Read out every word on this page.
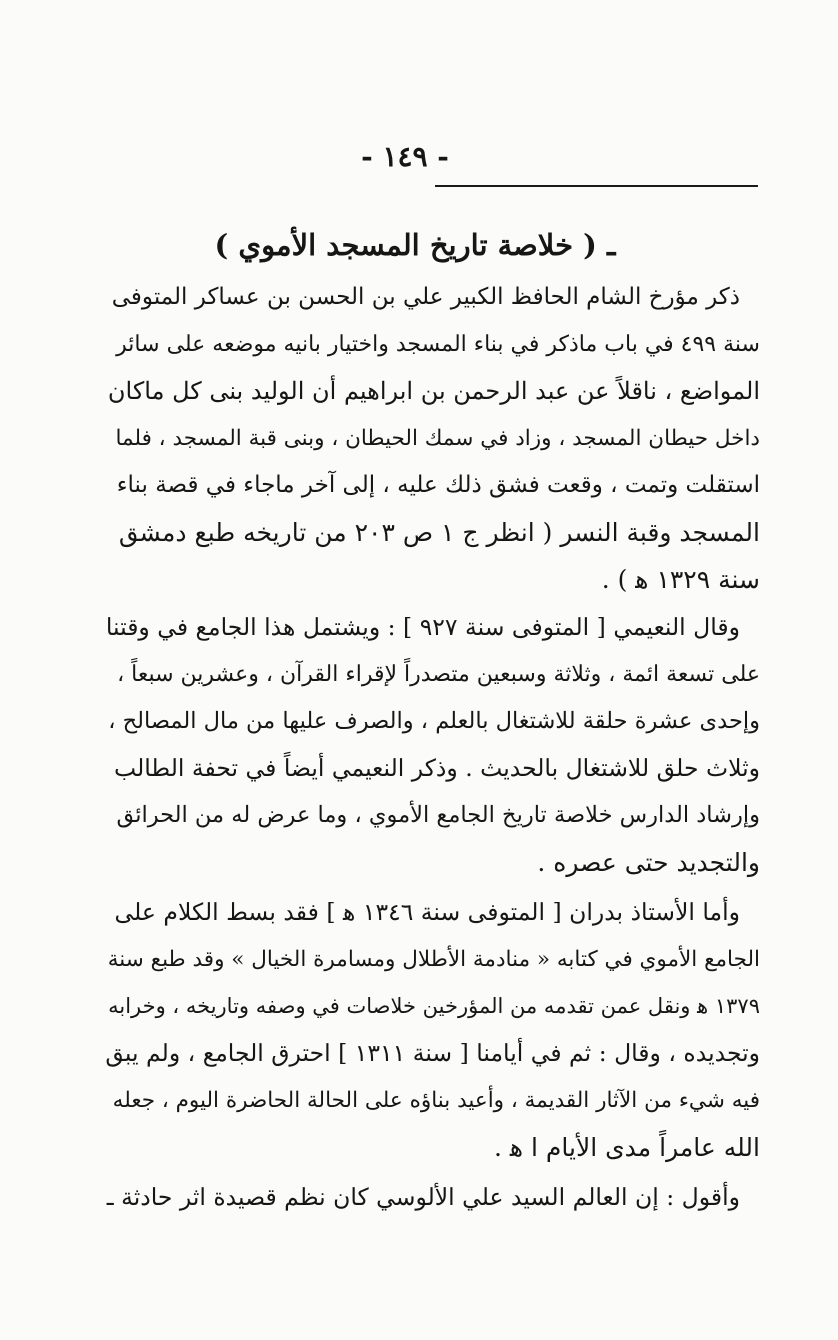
- ١٤٩ -
ـ ( خلاصة تاريخ المسجد الأموي )
ذكر مؤرخ الشام الحافظ الكبير علي بن الحسن بن عساكر المتوفى
سنة ٤٩٩ في باب ماذكر في بناء المسجد واختيار بانيه موضعه على سائر
المواضع ، ناقلاً عن عبد الرحمن بن ابراهيم أن الوليد بنى كل ماكان
داخل حيطان المسجد ، وزاد في سمك الحيطان ، وبنى قبة المسجد ، فلما
استقلت وتمت ، وقعت فشق ذلك عليه ، إلى آخر ماجاء في قصة بناء
المسجد وقبة النسر ( انظر ج ١ ص ٢٠٣ من تاريخه طبع دمشق
سنة ١٣٢٩ ﻫ ) .
وقال النعيمي [ المتوفى سنة ٩٢٧ ] : ويشتمل هذا الجامع في وقتنا
على تسعة ائمة ، وثلاثة وسبعين متصدراً لإقراء القرآن ، وعشرين سبعاً ،
وإحدى عشرة حلقة للاشتغال بالعلم ، والصرف عليها من مال المصالح ،
وثلاث حلق للاشتغال بالحديث . وذكر النعيمي أيضاً في تحفة الطالب
وإرشاد الدارس خلاصة تاريخ الجامع الأموي ، وما عرض له من الحرائق
والتجديد حتى عصره .
وأما الأستاذ بدران [ المتوفى سنة ١٣٤٦ ﻫ ] فقد بسط الكلام على
الجامع الأموي في كتابه « منادمة الأطلال ومسامرة الخيال » وقد طبع سنة
١٣٧٩ ﻫ ونقل عمن تقدمه من المؤرخين خلاصات في وصفه وتاريخه ، وخرابه
وتجديده ، وقال : ثم في أيامنا [ سنة ١٣١١ ] احترق الجامع ، ولم يبق
فيه شيء من الآثار القديمة ، وأعيد بناؤه على الحالة الحاضرة اليوم ، جعله
الله عامراً مدى الأيام ا ﻫ .
وأقول : إن العالم السيد علي الألوسي كان نظم قصيدة اثر حادثة ـ
